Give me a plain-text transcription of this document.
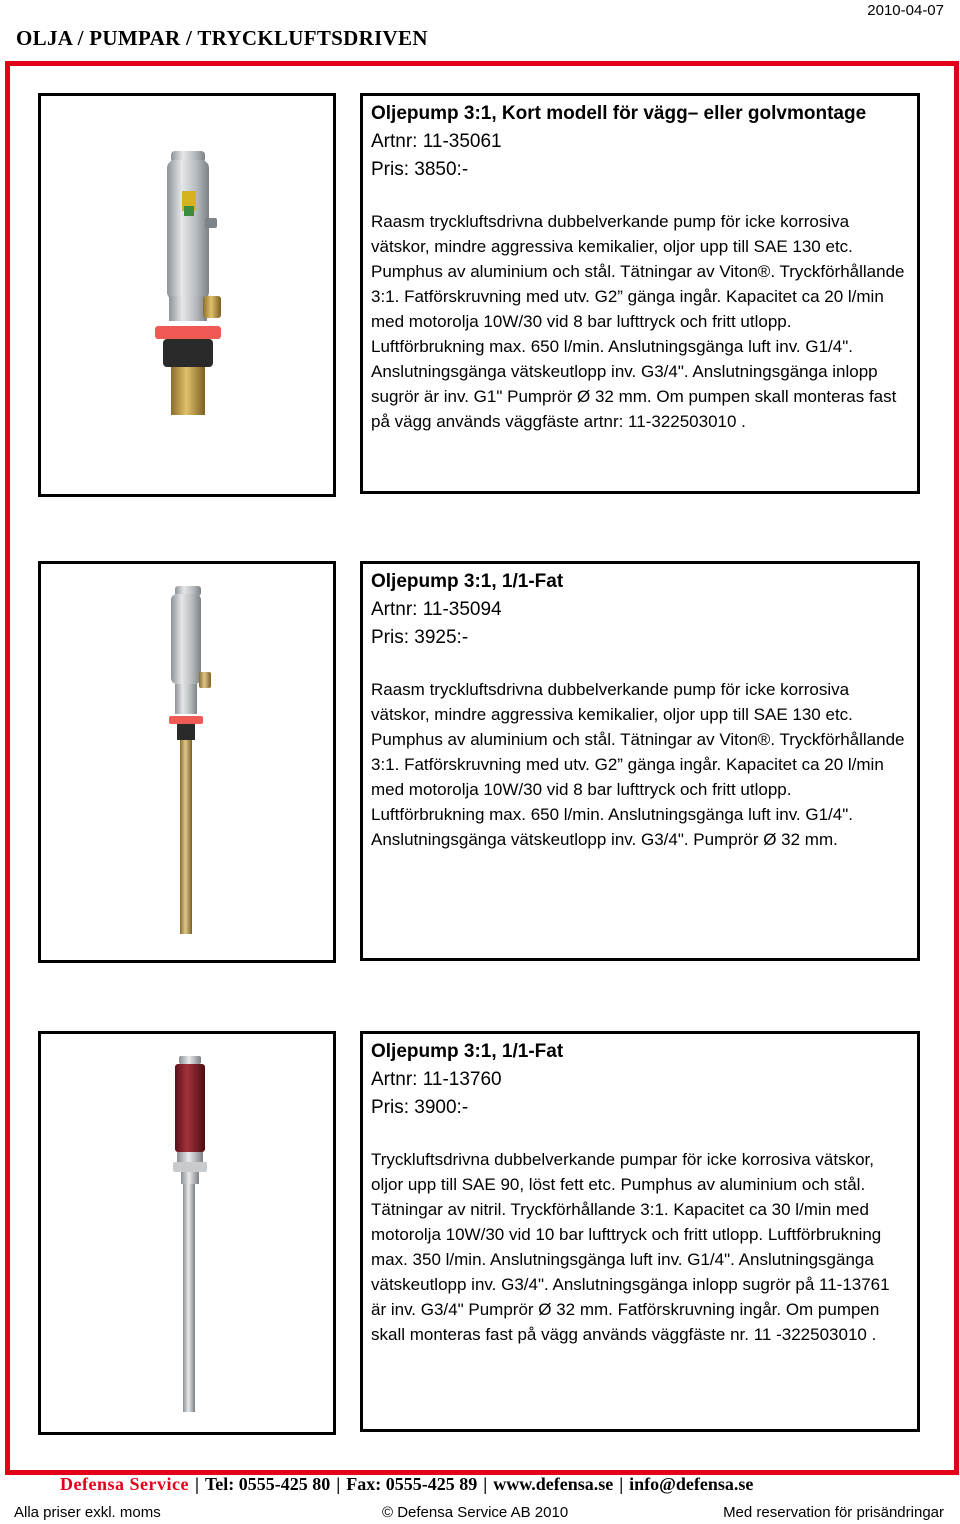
OLJA / PUMPAR / TRYCKLUFTSDRIVEN
2010-04-07
Oljepump 3:1, Kort modell för vägg– eller golvmontage
Artnr: 11-35061
Pris: 3850:-
Raasm tryckluftsdrivna dubbelverkande pump för icke korrosiva vätskor, mindre aggressiva kemikalier, oljor upp till SAE 130 etc. Pumphus av aluminium och stål. Tätningar av Viton®. Tryckförhållande 3:1. Fatförskruvning med utv. G2” gänga ingår. Kapacitet ca 20 l/min med motorolja 10W/30 vid 8 bar lufttryck och fritt utlopp. Luftförbrukning max. 650 l/min. Anslutningsgänga luft inv. G1/4". Anslutningsgänga vätskeutlopp inv. G3/4". Anslutningsgänga inlopp sugrör är inv. G1" Pumprör Ø 32 mm. Om pumpen skall monteras fast på vägg används väggfäste artnr: 11-322503010 .
Oljepump 3:1, 1/1-Fat
Artnr: 11-35094
Pris: 3925:-
Raasm tryckluftsdrivna dubbelverkande pump för icke korrosiva vätskor, mindre aggressiva kemikalier, oljor upp till SAE 130 etc. Pumphus av aluminium och stål. Tätningar av Viton®. Tryckförhållande 3:1. Fatförskruvning med utv. G2” gänga ingår. Kapacitet ca 20 l/min med motorolja 10W/30 vid 8 bar lufttryck och fritt utlopp. Luftförbrukning max. 650 l/min. Anslutningsgänga luft inv. G1/4". Anslutningsgänga vätskeutlopp inv. G3/4". Pumprör Ø 32 mm.
Oljepump 3:1, 1/1-Fat
Artnr: 11-13760
Pris: 3900:-
Tryckluftsdrivna dubbelverkande pumpar för icke korrosiva vätskor, oljor upp till SAE 90, löst fett etc. Pumphus av aluminium och stål. Tätningar av nitril. Tryckförhållande 3:1. Kapacitet ca 30 l/min med motorolja 10W/30 vid 10 bar lufttryck och fritt utlopp. Luftförbrukning max. 350 l/min. Anslutningsgänga luft inv. G1/4". Anslutningsgänga vätskeutlopp inv. G3/4". Anslutningsgänga inlopp sugrör på 11-13761 är inv. G3/4" Pumprör Ø 32 mm. Fatförskruvning ingår. Om pumpen skall monteras fast på vägg används väggfäste nr. 11 -322503010 .
Defensa Service | Tel: 0555-425 80 | Fax: 0555-425 89 | www.defensa.se | info@defensa.se
Alla priser exkl. moms	© Defensa Service AB 2010	Med reservation för prisändringar
